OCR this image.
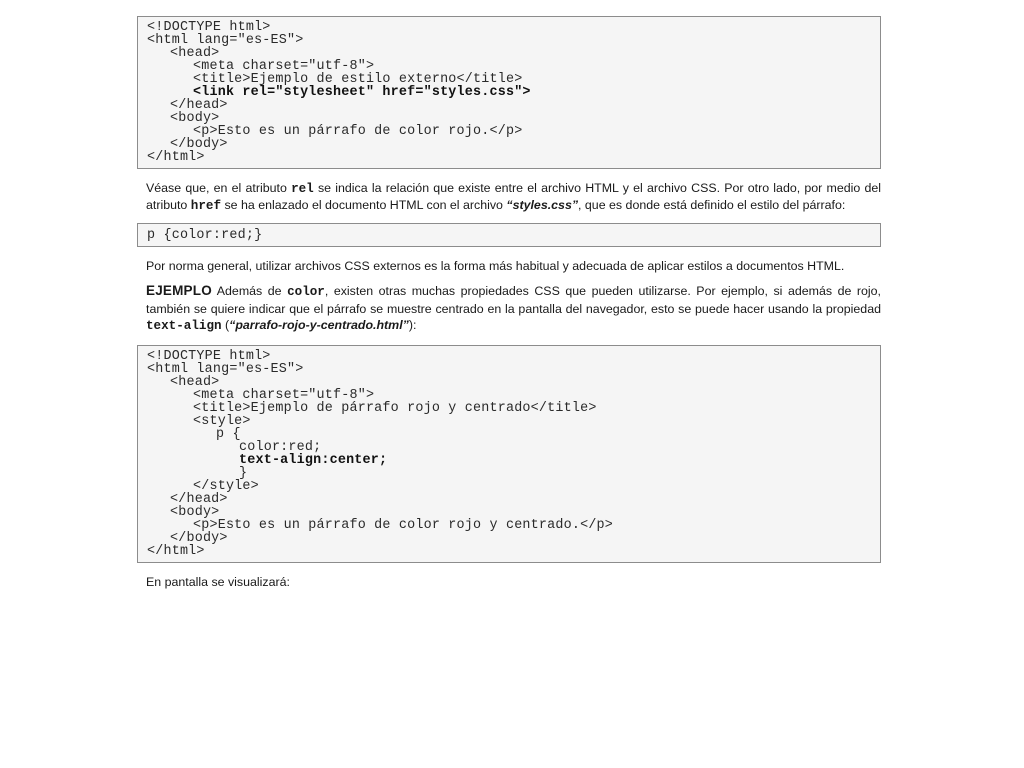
<!DOCTYPE html>
<html lang="es-ES">
<head>
<meta charset="utf-8">
<title>Ejemplo de estilo externo</title>
<link rel="stylesheet" href="styles.css">
</head>
<body>
<p>Esto es un párrafo de color rojo.</p>
</body>
</html>

Véase que, en el atributo rel se indica la relación que existe entre el archivo HTML y el archivo CSS. Por otro lado, por medio del atributo href se ha enlazado el documento HTML con el archivo “styles.css”, que es donde está definido el estilo del párrafo:

p {color:red;}

Por norma general, utilizar archivos CSS externos es la forma más habitual y adecuada de aplicar estilos a documentos HTML.

EJEMPLO Además de color, existen otras muchas propiedades CSS que pueden utilizarse. Por ejemplo, si además de rojo, también se quiere indicar que el párrafo se muestre centrado en la pantalla del navegador, esto se puede hacer usando la propiedad text-align (“parrafo-rojo-y-centrado.html”):

<!DOCTYPE html>
<html lang="es-ES">
<head>
<meta charset="utf-8">
<title>Ejemplo de párrafo rojo y centrado</title>
<style>
p {
color:red;
text-align:center;
}
</style>
</head>
<body>
<p>Esto es un párrafo de color rojo y centrado.</p>
</body>
</html>

En pantalla se visualizará:
